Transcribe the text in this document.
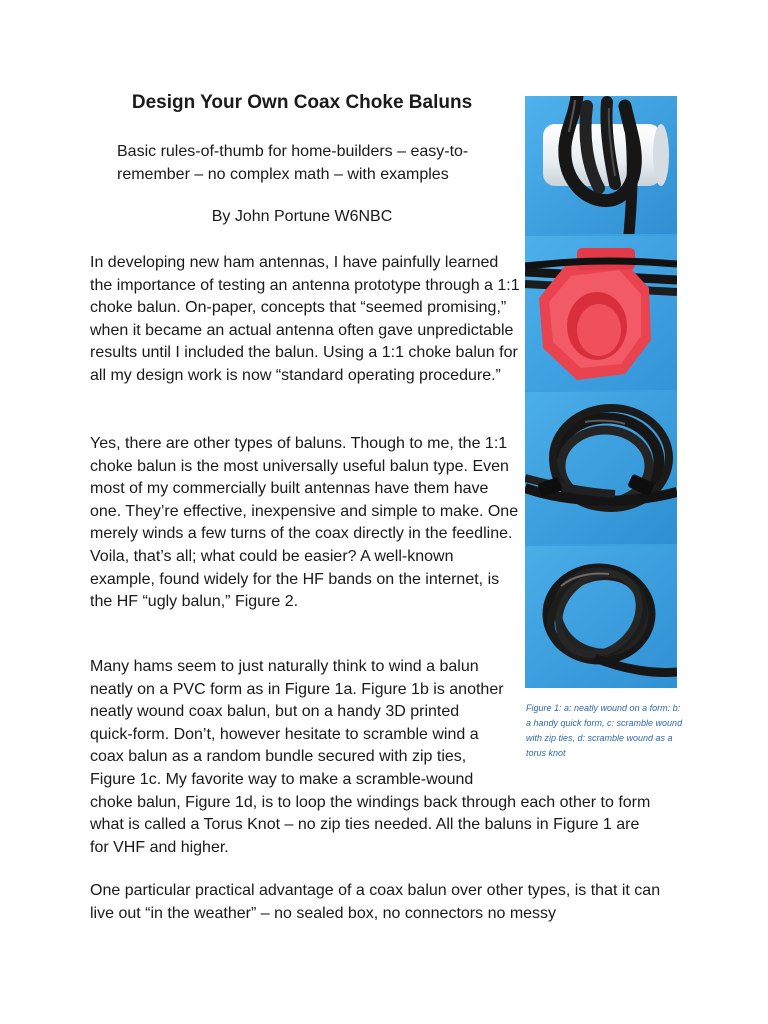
Design Your Own Coax Choke Baluns

Basic rules-of-thumb for home-builders – easy-to-remember – no complex math – with examples

By John Portune W6NBC

In developing new ham antennas, I have painfully learned the importance of testing an antenna prototype through a 1:1 choke balun. On-paper, concepts that “seemed promising,” when it became an actual antenna often gave unpredictable results until I included the balun. Using a 1:1 choke balun for all my design work is now “standard operating procedure.”

Yes, there are other types of baluns. Though to me, the 1:1 choke balun is the most universally useful balun type. Even most of my commercially built antennas have them have one. They’re effective, inexpensive and simple to make. One merely winds a few turns of the coax directly in the feedline. Voila, that’s all; what could be easier? A well-known example, found widely for the HF bands on the internet, is the HF “ugly balun,” Figure 2.

Many hams seem to just naturally think to wind a balun neatly on a PVC form as in Figure 1a. Figure 1b is another neatly wound coax balun, but on a handy 3D printed quick-form. Don’t, however hesitate to scramble wind a coax balun as a random bundle secured with zip ties, Figure 1c. My favorite way to make a scramble-wound choke balun, Figure 1d, is to loop the windings back through each other to form what is called a Torus Knot – no zip ties needed. All the baluns in Figure 1 are for VHF and higher.

One particular practical advantage of a coax balun over other types, is that it can live out “in the weather” – no sealed box, no connectors no messy

Figure 1: a: neatly wound on a form: b: a handy quick form, c: scramble wound with zip ties, d: scramble wound as a torus knot
